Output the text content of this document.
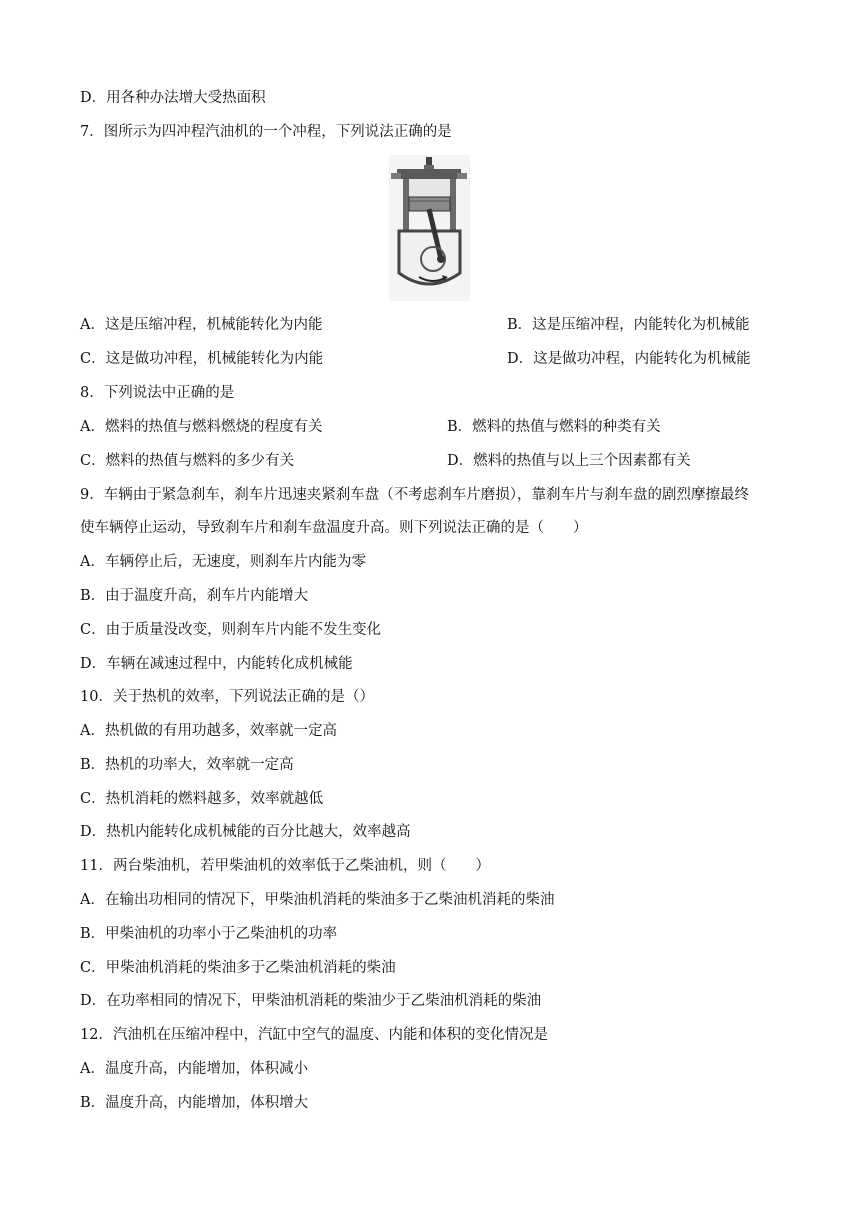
D．用各种办法增大受热面积
7．图所示为四冲程汽油机的一个冲程，下列说法正确的是
A．这是压缩冲程，机械能转化为内能	B．这是压缩冲程，内能转化为机械能
C．这是做功冲程，机械能转化为内能	D．这是做功冲程，内能转化为机械能
8．下列说法中正确的是
A．燃料的热值与燃料燃烧的程度有关	B．燃料的热值与燃料的种类有关
C．燃料的热值与燃料的多少有关	D．燃料的热值与以上三个因素都有关
9．车辆由于紧急刹车，刹车片迅速夹紧刹车盘（不考虑刹车片磨损），靠刹车片与刹车盘的剧烈摩擦最终
使车辆停止运动，导致刹车片和刹车盘温度升高。则下列说法正确的是（　　）
A．车辆停止后，无速度，则刹车片内能为零
B．由于温度升高，刹车片内能增大
C．由于质量没改变，则刹车片内能不发生变化
D．车辆在减速过程中，内能转化成机械能
10．关于热机的效率，下列说法正确的是（）
A．热机做的有用功越多，效率就一定高
B．热机的功率大，效率就一定高
C．热机消耗的燃料越多，效率就越低
D．热机内能转化成机械能的百分比越大，效率越高
11．两台柴油机，若甲柴油机的效率低于乙柴油机，则（　　）
A．在输出功相同的情况下，甲柴油机消耗的柴油多于乙柴油机消耗的柴油
B．甲柴油机的功率小于乙柴油机的功率
C．甲柴油机消耗的柴油多于乙柴油机消耗的柴油
D．在功率相同的情况下，甲柴油机消耗的柴油少于乙柴油机消耗的柴油
12．汽油机在压缩冲程中，汽缸中空气的温度、内能和体积的变化情况是
A．温度升高，内能增加，体积减小
B．温度升高，内能增加，体积增大
